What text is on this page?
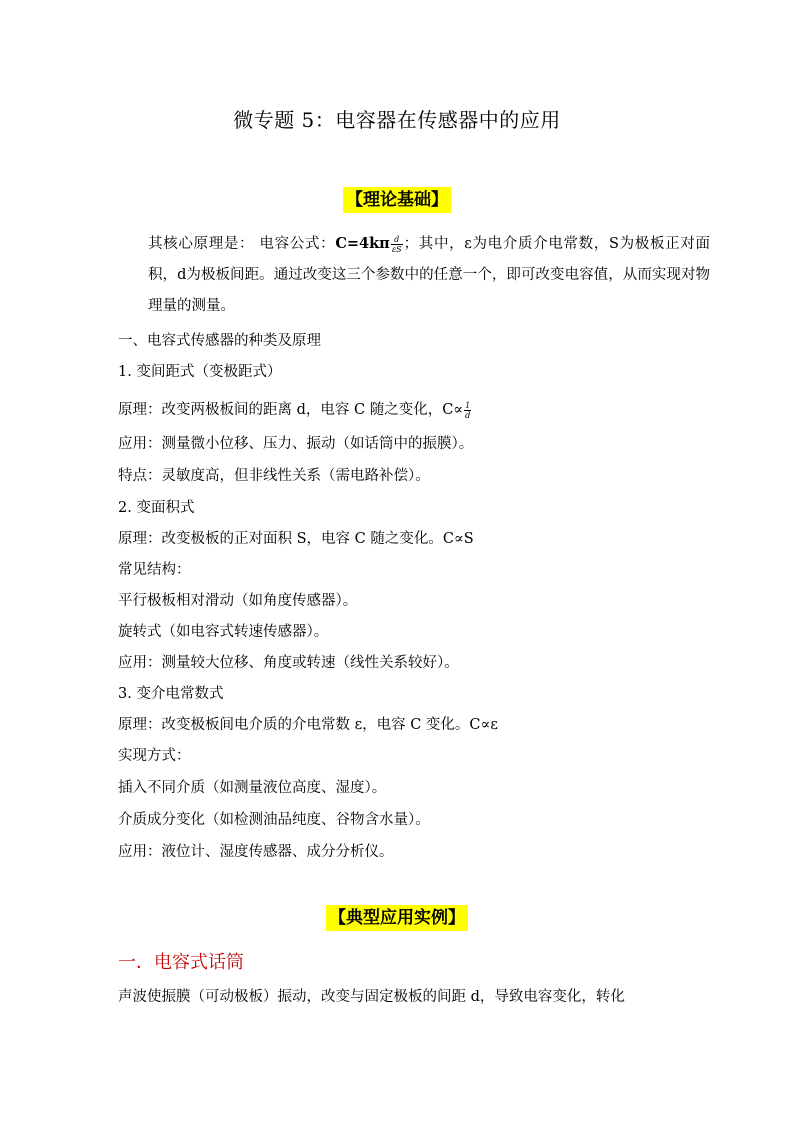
微专题 5：电容器在传感器中的应用
【理论基础】
其核心原理是： 电容公式：$C=4k\pi \frac{d}{\varepsilon S}$ ；其中，ε为电介质介电常数，S为极板正对面积，d为极板间距。通过改变这三个参数中的任意一个，即可改变电容值，从而实现对物理量的测量。
一、电容式传感器的种类及原理
1. 变间距式（变极距式）
原理：改变两极板间的距离 d，电容 C 随之变化，$C\propto \frac{1}{d}$
应用：测量微小位移、压力、振动（如话筒中的振膜）。
特点：灵敏度高，但非线性关系（需电路补偿）。
2. 变面积式
原理：改变极板的正对面积 S，电容 C 随之变化。C∝S
常见结构：
平行极板相对滑动（如角度传感器）。
旋转式（如电容式转速传感器）。
应用：测量较大位移、角度或转速（线性关系较好）。
3. 变介电常数式
原理：改变极板间电介质的介电常数 ε，电容 C 变化。C∝ε
实现方式：
插入不同介质（如测量液位高度、湿度）。
介质成分变化（如检测油品纯度、谷物含水量）。
应用：液位计、湿度传感器、成分分析仪。
【典型应用实例】
一．电容式话筒
声波使振膜（可动极板）振动，改变与固定极板的间距 d，导致电容变化，转化
